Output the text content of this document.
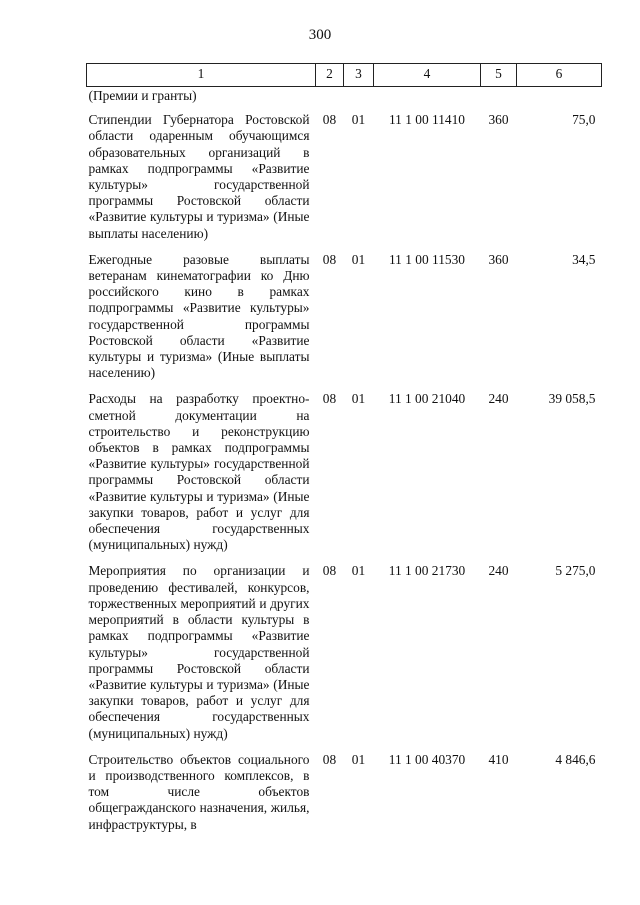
300
1	2	3	4	5	6
(Премии и гранты)					
Стипендии Губернатора Ростовской области одаренным обучающимся образовательных организаций в рамках подпрограммы «Развитие культуры» государственной программы Ростовской области «Развитие культуры и туризма» (Иные выплаты населению)	08	01	11 1 00 11410	360	75,0
Ежегодные разовые выплаты ветеранам кинематографии ко Дню российского кино в рамках подпрограммы «Развитие культуры» государственной программы Ростовской области «Развитие культуры и туризма» (Иные выплаты населению)	08	01	11 1 00 11530	360	34,5
Расходы на разработку проектно-сметной документации на строительство и реконструкцию объектов в рамках подпрограммы «Развитие культуры» государственной программы Ростовской области «Развитие культуры и туризма» (Иные закупки товаров, работ и услуг для обеспечения государственных (муниципальных) нужд)	08	01	11 1 00 21040	240	39 058,5
Мероприятия по организации и проведению фестивалей, конкурсов, торжественных мероприятий и других мероприятий в области культуры в рамках подпрограммы «Развитие культуры» государственной программы Ростовской области «Развитие культуры и туризма» (Иные закупки товаров, работ и услуг для обеспечения государственных (муниципальных) нужд)	08	01	11 1 00 21730	240	5 275,0
Строительство объектов социального и производственного комплексов, в том числе объектов общегражданского назначения, жилья, инфраструктуры, в	08	01	11 1 00 40370	410	4 846,6
